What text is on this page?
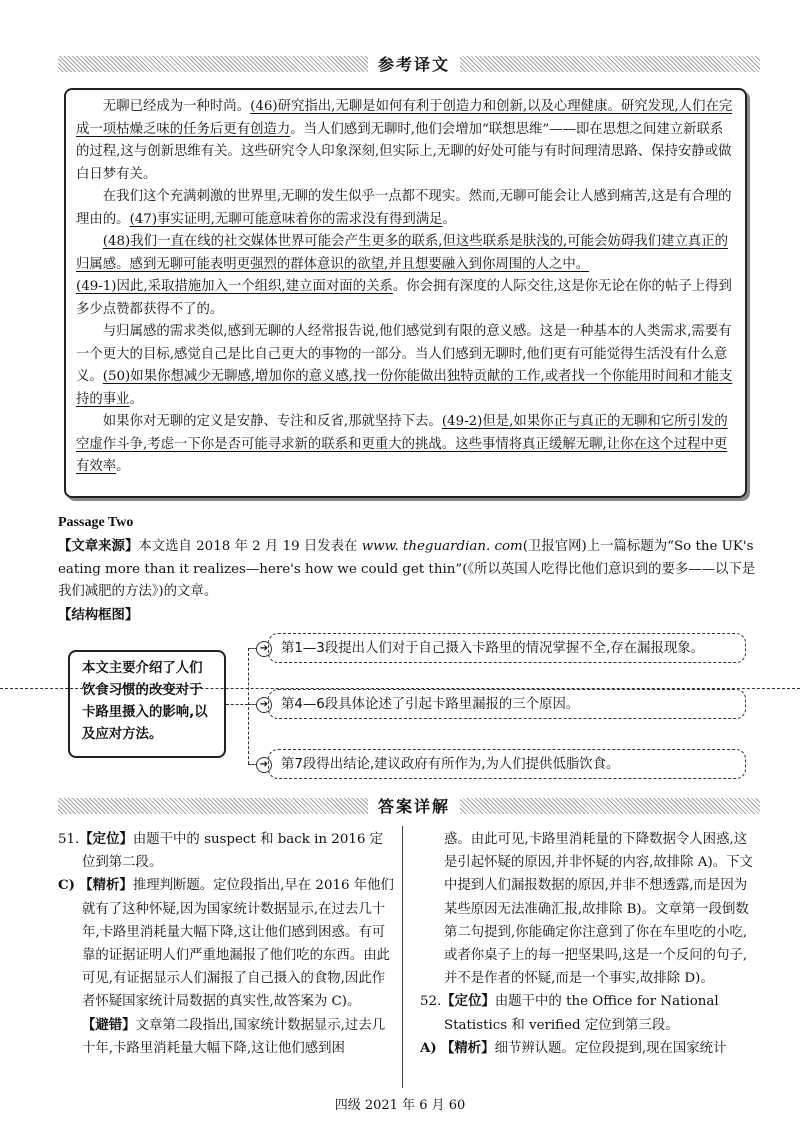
参考译文

无聊已经成为一种时尚。(46)研究指出,无聊是如何有利于创造力和创新,以及心理健康。研究发现,人们在完成一项枯燥乏味的任务后更有创造力。当人们感到无聊时,他们会增加“联想思维”——即在思想之间建立新联系的过程,这与创新思维有关。这些研究令人印象深刻,但实际上,无聊的好处可能与有时间理清思路、保持安静或做白日梦有关。

在我们这个充满刺激的世界里,无聊的发生似乎一点都不现实。然而,无聊可能会让人感到痛苦,这是有合理的理由的。(47)事实证明,无聊可能意味着你的需求没有得到满足。

(48)我们一直在线的社交媒体世界可能会产生更多的联系,但这些联系是肤浅的,可能会妨碍我们建立真正的归属感。感到无聊可能表明更强烈的群体意识的欲望,并且想要融入到你周围的人之中。

(49-1)因此,采取措施加入一个组织,建立面对面的关系。你会拥有深度的人际交往,这是你无论在你的帖子上得到多少点赞都获得不了的。

与归属感的需求类似,感到无聊的人经常报告说,他们感觉到有限的意义感。这是一种基本的人类需求,需要有一个更大的目标,感觉自己是比自己更大的事物的一部分。当人们感到无聊时,他们更有可能觉得生活没有什么意义。(50)如果你想减少无聊感,增加你的意义感,找一份你能做出独特贡献的工作,或者找一个你能用时间和才能支持的事业。

如果你对无聊的定义是安静、专注和反省,那就坚持下去。(49-2)但是,如果你正与真正的无聊和它所引发的空虚作斗争,考虑一下你是否可能寻求新的联系和更重大的挑战。这些事情将真正缓解无聊,让你在这个过程中更有效率。

Passage Two
【文章来源】本文选自 2018 年 2 月 19 日发表在 www. theguardian. com(卫报官网)上一篇标题为“So the UK's eating more than it realizes—here's how we could get thin”(《所以英国人吃得比他们意识到的要多——以下是我们减肥的方法》)的文章。
【结构框图】
本文主要介绍了人们饮食习惯的改变对于卡路里摄入的影响,以及应对方法。
➔
➔
➔
第1—3段提出人们对于自己摄入卡路里的情况掌握不全,存在漏报现象。
第4—6段具体论述了引起卡路里漏报的三个原因。
第7段得出结论,建议政府有所作为,为人们提供低脂饮食。
答案详解

51.【定位】由题干中的 suspect 和 back in 2016 定位到第二段。

C) 【精析】推理判断题。定位段指出,早在 2016 年他们就有了这种怀疑,因为国家统计数据显示,在过去几十年,卡路里消耗量大幅下降,这让他们感到困惑。有可靠的证据证明人们严重地漏报了他们吃的东西。由此可见,有证据显示人们漏报了自己摄入的食物,因此作者怀疑国家统计局数据的真实性,故答案为 C)。

【避错】文章第二段指出,国家统计数据显示,过去几十年,卡路里消耗量大幅下降,这让他们感到困

惑。由此可见,卡路里消耗量的下降数据令人困惑,这是引起怀疑的原因,并非怀疑的内容,故排除 A)。下文中提到人们漏报数据的原因,并非不想透露,而是因为某些原因无法准确汇报,故排除 B)。文章第一段倒数第二句提到,你能确定你注意到了你在车里吃的小吃,或者你桌子上的每一把坚果吗,这是一个反问的句子,并不是作者的怀疑,而是一个事实,故排除 D)。

52.【定位】由题干中的 the Office for National Statistics 和 verified 定位到第三段。

A) 【精析】细节辨认题。定位段提到,现在国家统计

四级 2021 年 6 月 60
